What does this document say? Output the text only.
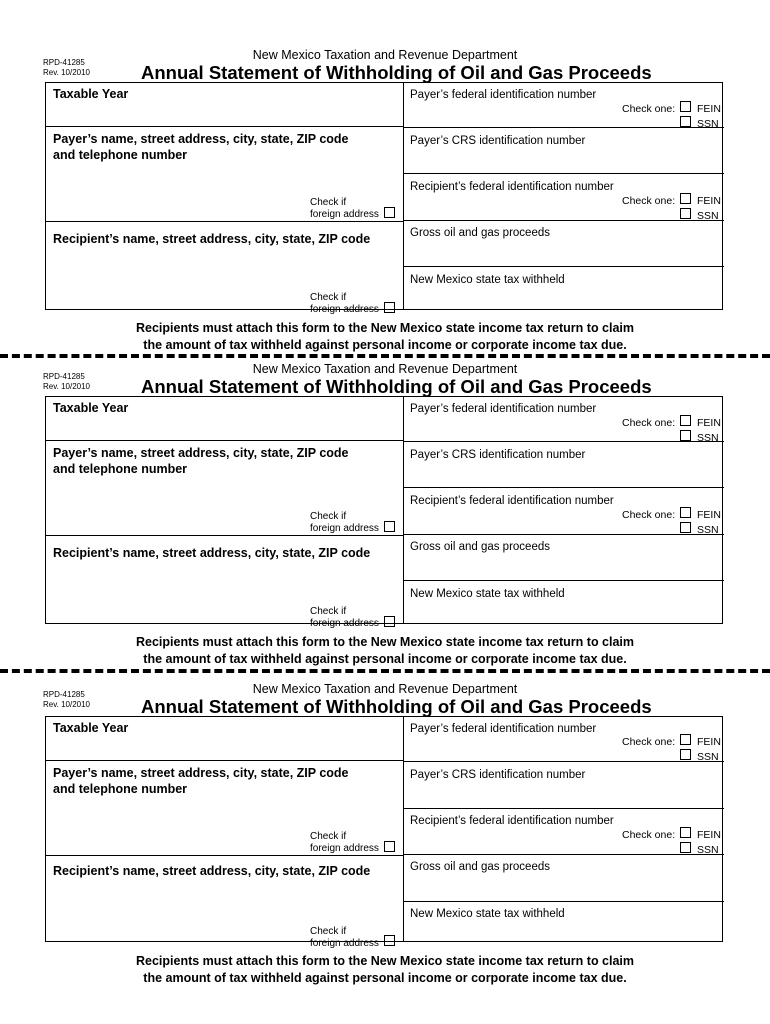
RPD-41285
Rev. 10/2010
New Mexico Taxation and Revenue Department
Annual Statement of Withholding of Oil and Gas Proceeds
Taxable Year
Payer’s name, street address, city, state, ZIP code
and telephone number
Check if
foreign address
Recipient’s name, street address, city, state, ZIP code
Check if
foreign address
Payer’s federal identification number
Check one: FEIN
SSN
Payer’s CRS identification number
Recipient’s federal identification number
Check one: FEIN
SSN
Gross oil and gas proceeds
New Mexico state tax withheld
Recipients must attach this form to the New Mexico state income tax return to claim
the amount of tax withheld against personal income or corporate income tax due.
RPD-41285
Rev. 10/2010
New Mexico Taxation and Revenue Department
Annual Statement of Withholding of Oil and Gas Proceeds
Taxable Year
Payer’s name, street address, city, state, ZIP code
and telephone number
Check if
foreign address
Recipient’s name, street address, city, state, ZIP code
Check if
foreign address
Payer’s federal identification number
Check one: FEIN
SSN
Payer’s CRS identification number
Recipient’s federal identification number
Check one: FEIN
SSN
Gross oil and gas proceeds
New Mexico state tax withheld
Recipients must attach this form to the New Mexico state income tax return to claim
the amount of tax withheld against personal income or corporate income tax due.
RPD-41285
Rev. 10/2010
New Mexico Taxation and Revenue Department
Annual Statement of Withholding of Oil and Gas Proceeds
Taxable Year
Payer’s name, street address, city, state, ZIP code
and telephone number
Check if
foreign address
Recipient’s name, street address, city, state, ZIP code
Check if
foreign address
Payer’s federal identification number
Check one: FEIN
SSN
Payer’s CRS identification number
Recipient’s federal identification number
Check one: FEIN
SSN
Gross oil and gas proceeds
New Mexico state tax withheld
Recipients must attach this form to the New Mexico state income tax return to claim
the amount of tax withheld against personal income or corporate income tax due.
